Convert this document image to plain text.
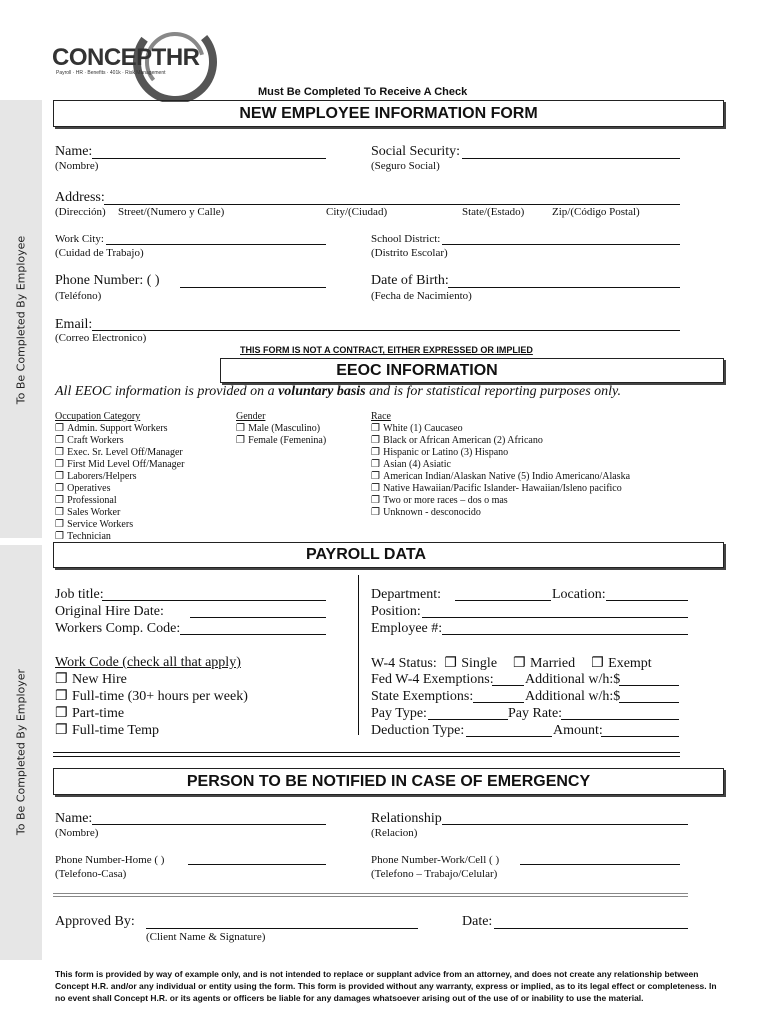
To Be Completed By Employee
To Be Completed By Employer
CONCEPTHR
Payroll · HR · Benefits · 401k · Risk Management
Must Be Completed To Receive A Check
NEW EMPLOYEE INFORMATION FORM
Name:
(Nombre)
Social Security:
(Seguro Social)
Address:
(Dirección) Street/(Numero y Calle)	City/(Ciudad)	State/(Estado)	Zip/(Código Postal)
Work City:
(Cuidad de Trabajo)
School District:
(Distrito Escolar)
Phone Number: ( )
(Teléfono)
Date of Birth:
(Fecha de Nacimiento)
Email:
(Correo Electronico)
THIS FORM IS NOT A CONTRACT, EITHER EXPRESSED OR IMPLIED
EEOC INFORMATION
All EEOC information is provided on a voluntary basis and is for statistical reporting purposes only.
Occupation Category
❐ Admin. Support Workers
❐ Craft Workers
❐ Exec. Sr. Level Off/Manager
❐ First Mid Level Off/Manager
❐ Laborers/Helpers
❐ Operatives
❐ Professional
❐ Sales Worker
❐ Service Workers
❐ Technician
Gender
❐ Male (Masculino)
❐ Female (Femenina)
Race
❐ White (1) Caucaseo
❐ Black or African American (2) Africano
❐ Hispanic or Latino (3) Hispano
❐ Asian (4) Asiatic
❐ American Indian/Alaskan Native (5) Indio Americano/Alaska
❐ Native Hawaiian/Pacific Islander- Hawaiian/Isleno pacifico
❐ Two or more races – dos o mas
❐ Unknown - desconocido
PAYROLL DATA
Job title:
Original Hire Date:
Workers Comp. Code:
Department:	Location:
Position:
Employee #:
Work Code (check all that apply)
❐ New Hire
❐ Full-time (30+ hours per week)
❐ Part-time
❐ Full-time Temp
W-4 Status: ❐ Single ❐ Married ❐ Exempt
Fed W-4 Exemptions: Additional w/h:$
State Exemptions:	Additional w/h:$
Pay Type:	Pay Rate:
Deduction Type:	Amount:
PERSON TO BE NOTIFIED IN CASE OF EMERGENCY
Name:
(Nombre)
Relationship
(Relacion)
Phone Number-Home ( )
(Telefono-Casa)
Phone Number-Work/Cell ( )
(Telefono – Trabajo/Celular)
Approved By:
(Client Name & Signature)
Date:
This form is provided by way of example only, and is not intended to replace or supplant advice from an attorney, and does not create any relationship between Concept H.R. and/or any individual or entity using the form. This form is provided without any warranty, express or implied, as to its legal effect or completeness. In no event shall Concept H.R. or its agents or officers be liable for any damages whatsoever arising out of the use of or inability to use the material.
